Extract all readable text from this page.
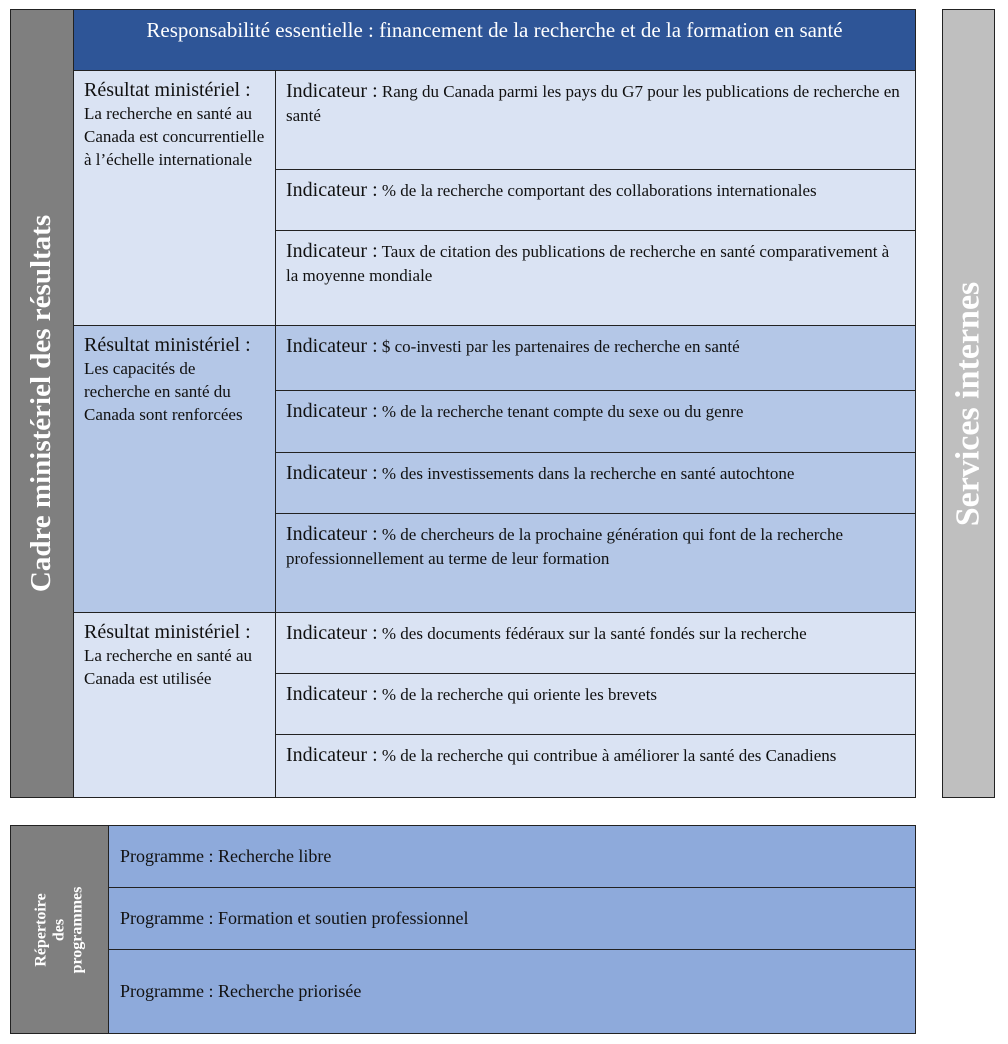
Cadre ministériel des résultats
Responsabilité essentielle : financement de la recherche et de la formation en santé
Résultat ministériel : La recherche en santé au Canada est concurrentielle à l’échelle internationale
Indicateur : Rang du Canada parmi les pays du G7 pour les publications de recherche en santé
Indicateur : % de la recherche comportant des collaborations internationales
Indicateur : Taux de citation des publications de recherche en santé comparativement à la moyenne mondiale
Résultat ministériel : Les capacités de recherche en santé du Canada sont renforcées
Indicateur : $ co-investi par les partenaires de recherche en santé
Indicateur : % de la recherche tenant compte du sexe ou du genre
Indicateur : % des investissements dans la recherche en santé autochtone
Indicateur : % de chercheurs de la prochaine génération qui font de la recherche professionnellement au terme de leur formation
Résultat ministériel : La recherche en santé au Canada est utilisée
Indicateur : % des documents fédéraux sur la santé fondés sur la recherche
Indicateur : % de la recherche qui oriente les brevets
Indicateur : % de la recherche qui contribue à améliorer la santé des Canadiens
Services internes
Répertoire des programmes
Programme : Recherche libre
Programme : Formation et soutien professionnel
Programme : Recherche priorisée
